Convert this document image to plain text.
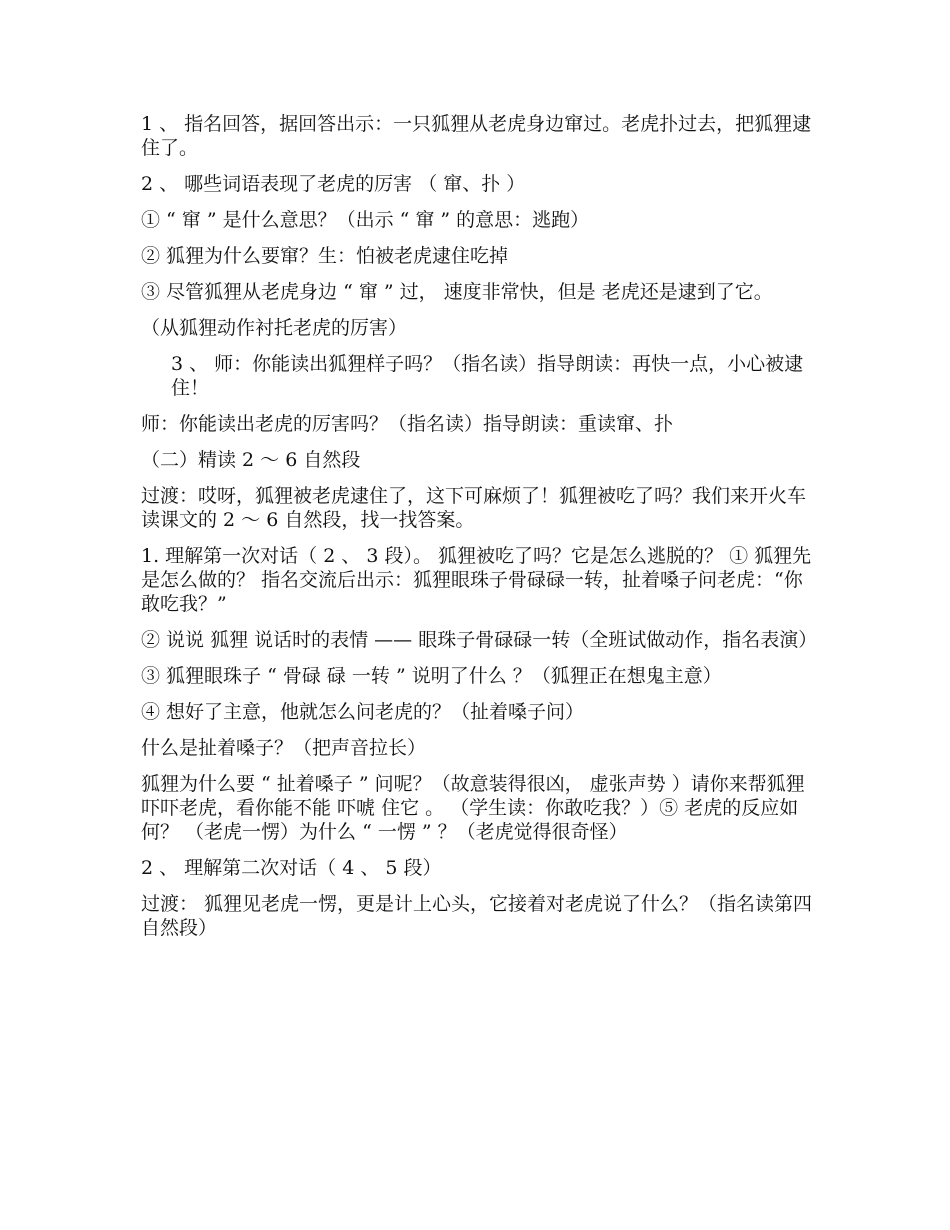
1 、 指名回答，据回答出示：一只狐狸从老虎身边窜过。老虎扑过去，把狐狸逮住了。

2 、 哪些词语表现了老虎的厉害 （ 窜、扑 ）

① “ 窜 ” 是什么意思？（出示 “ 窜 ” 的意思：逃跑）

② 狐狸为什么要窜？生：怕被老虎逮住吃掉

③ 尽管狐狸从老虎身边 “ 窜 ” 过， 速度非常快，但是 老虎还是逮到了它。

（从狐狸动作衬托老虎的厉害）

3 、 师：你能读出狐狸样子吗？（指名读）指导朗读：再快一点，小心被逮住！

师：你能读出老虎的厉害吗？（指名读）指导朗读：重读窜、扑

（二）精读 2 ～ 6 自然段

过渡：哎呀，狐狸被老虎逮住了，这下可麻烦了！狐狸被吃了吗？我们来开火车读课文的 2 ～ 6 自然段，找一找答案。

1. 理解第一次对话（ 2 、 3 段）。 狐狸被吃了吗？它是怎么逃脱的？ ① 狐狸先是怎么做的？ 指名交流后出示：狐狸眼珠子骨碌碌一转，扯着嗓子问老虎：“你敢吃我？”

② 说说 狐狸 说话时的表情 —— 眼珠子骨碌碌一转（全班试做动作，指名表演）

③ 狐狸眼珠子 “ 骨碌 碌 一转 ” 说明了什么 ？（狐狸正在想鬼主意）

④ 想好了主意，他就怎么问老虎的？（扯着嗓子问）

什么是扯着嗓子？（把声音拉长）

狐狸为什么要 “ 扯着嗓子 ” 问呢？（故意装得很凶， 虚张声势 ）请你来帮狐狸吓吓老虎，看你能不能 吓唬 住它 。 （学生读：你敢吃我？）⑤ 老虎的反应如何？ （老虎一愣）为什么 “ 一愣 ” ？（老虎觉得很奇怪）

2 、 理解第二次对话（ 4 、 5 段）

过渡： 狐狸见老虎一愣，更是计上心头，它接着对老虎说了什么？（指名读第四自然段）
